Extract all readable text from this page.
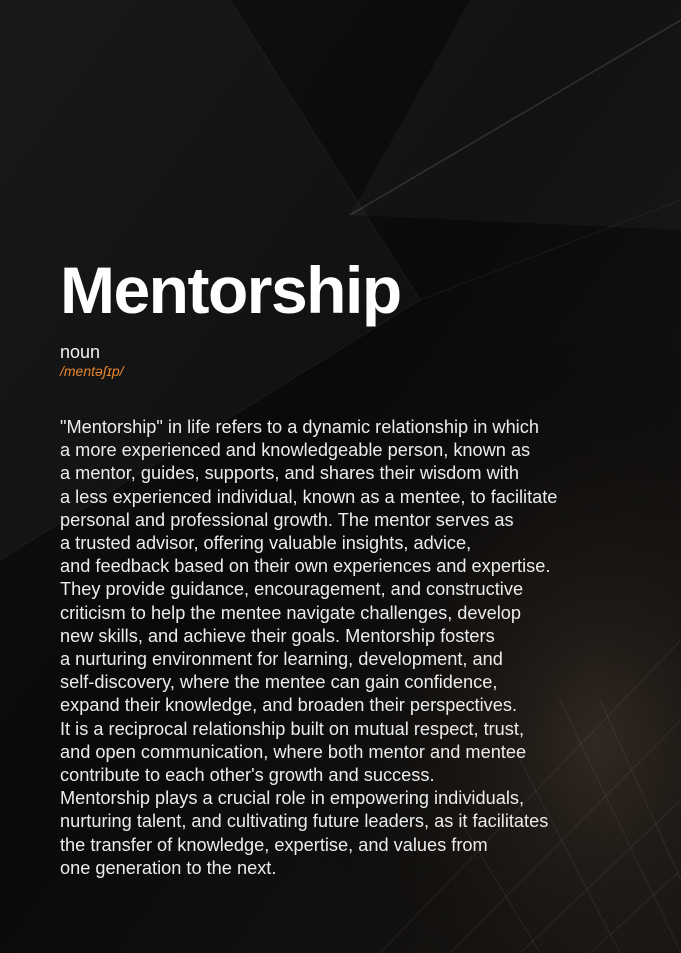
Mentorship
noun
/mentəʃɪp/
"Mentorship" in life refers to a dynamic relationship in which
a more experienced and knowledgeable person, known as
a mentor, guides, supports, and shares their wisdom with
a less experienced individual, known as a mentee, to facilitate
personal and professional growth. The mentor serves as
a trusted advisor, offering valuable insights, advice,
and feedback based on their own experiences and expertise.
They provide guidance, encouragement, and constructive
criticism to help the mentee navigate challenges, develop
new skills, and achieve their goals. Mentorship fosters
a nurturing environment for learning, development, and
self-discovery, where the mentee can gain confidence,
expand their knowledge, and broaden their perspectives.
It is a reciprocal relationship built on mutual respect, trust,
and open communication, where both mentor and mentee
contribute to each other's growth and success.
Mentorship plays a crucial role in empowering individuals,
nurturing talent, and cultivating future leaders, as it facilitates
the transfer of knowledge, expertise, and values from
one generation to the next.
